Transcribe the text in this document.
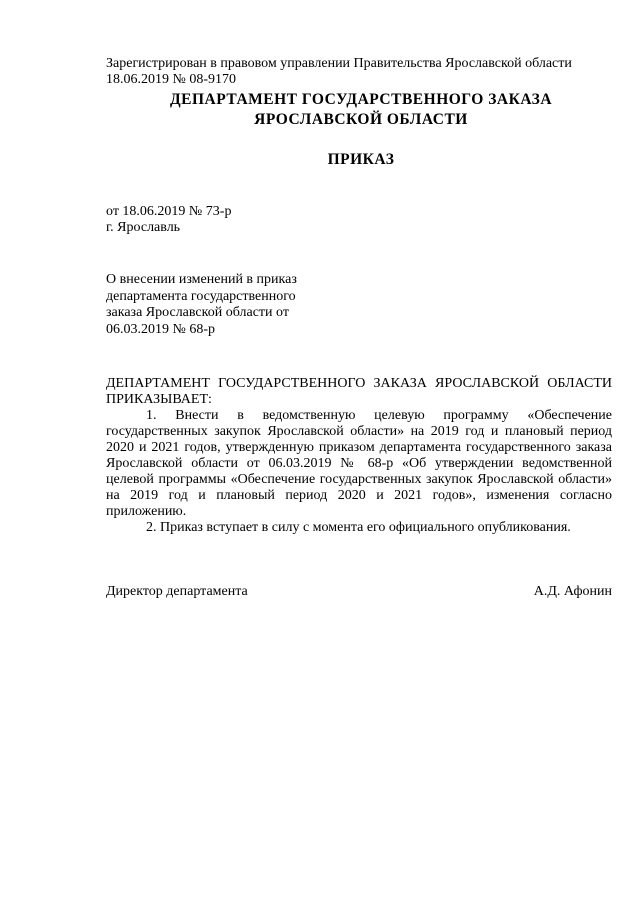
Зарегистрирован в правовом управлении Правительства Ярославской области
18.06.2019 № 08-9170
ДЕПАРТАМЕНТ ГОСУДАРСТВЕННОГО ЗАКАЗА
ЯРОСЛАВСКОЙ ОБЛАСТИ
ПРИКАЗ
от 18.06.2019 № 73-р
г. Ярославль
О внесении изменений в приказ
департамента государственного
заказа Ярославской области от
06.03.2019 № 68-р
ДЕПАРТАМЕНТ ГОСУДАРСТВЕННОГО ЗАКАЗА ЯРОСЛАВСКОЙ ОБЛАСТИ ПРИКАЗЫВАЕТ:
1. Внести в ведомственную целевую программу «Обеспечение государственных закупок Ярославской области» на 2019 год и плановый период 2020 и 2021 годов, утвержденную приказом департамента государственного заказа Ярославской области от 06.03.2019 № 68-р «Об утверждении ведомственной целевой программы «Обеспечение государственных закупок Ярославской области» на 2019 год и плановый период 2020 и 2021 годов», изменения согласно приложению.
2. Приказ вступает в силу с момента его официального опубликования.
Директор департамента	А.Д. Афонин
